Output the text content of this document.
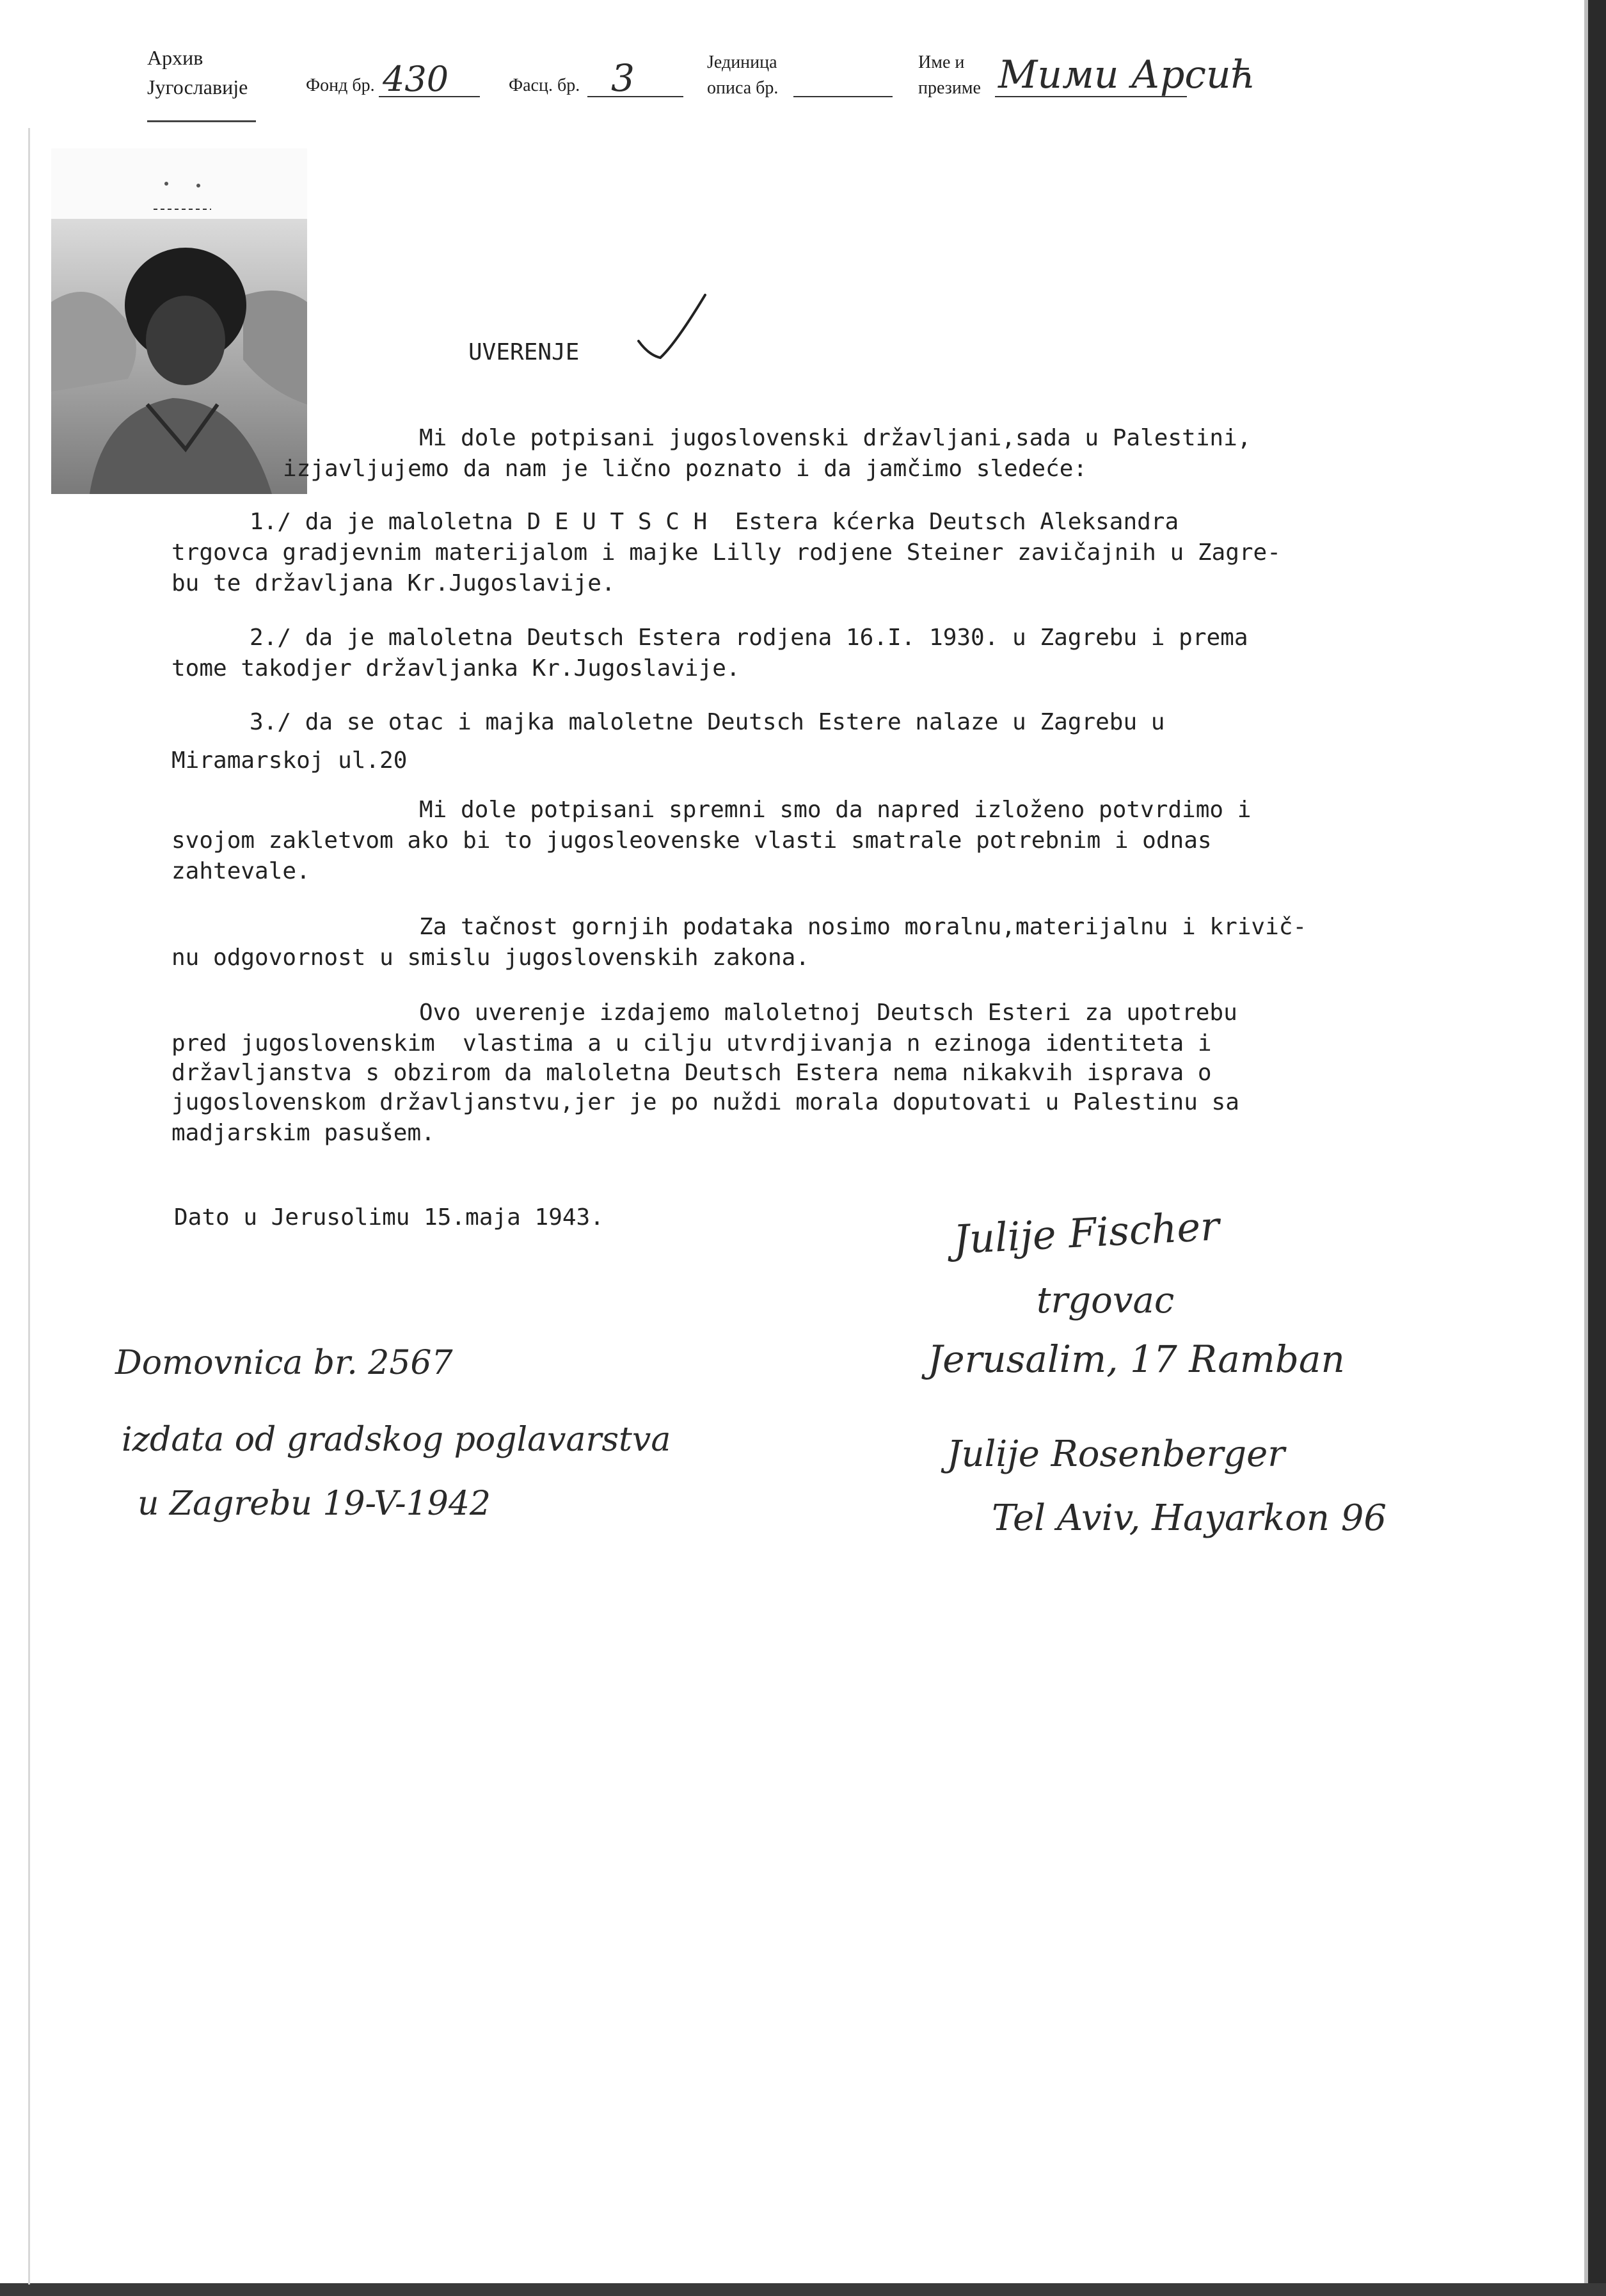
Архив
Југославије	Фонд бр. 430	Фасц. бр. 3	Јединица
описа бр.
Име и
презиме Мими Арсић
UVERENJE
Mi dole potpisani jugoslovenski državljani,sada u Palestini,
izjavljujemo da nam je lično poznato i da jamčimo sledeće:
1./ da je maloletna D E U T S C H  Estera kćerka Deutsch Aleksandra
trgovca gradjevnim materijalom i majke Lilly rodjene Steiner zavičajnih u Zagre-
bu te državljana Kr.Jugoslavije.
2./ da je maloletna Deutsch Estera rodjena 16.I. 1930. u Zagrebu i prema
tome takodjer državljanka Kr.Jugoslavije.
3./ da se otac i majka maloletne Deutsch Estere nalaze u Zagrebu u
Miramarskoj ul.20
Mi dole potpisani spremni smo da napred izloženo potvrdimo i
svojom zakletvom ako bi to jugosleovenske vlasti smatrale potrebnim i odnas
zahtevale.
Za tačnost gornjih podataka nosimo moralnu,materijalnu i krivič-
nu odgovornost u smislu jugoslovenskih zakona.
Ovo uverenje izdajemo maloletnoj Deutsch Esteri za upotrebu
pred jugoslovenskim  vlastima a u cilju utvrdjivanja n ezinoga identiteta i
državljanstva s obzirom da maloletna Deutsch Estera nema nikakvih isprava o
jugoslovenskom državljanstvu,jer je po nuždi morala doputovati u Palestinu sa
madjarskim pasušem.
Dato u Jerusolimu 15.maja 1943.
Domovnica br. 2567
izdata od gradskog poglavarstva
u Zagrebu 19-V-1942
Julije Fischer
trgovac
Jerusalim, 17 Ramban
Julije Rosenberger
Tel Aviv, Hayarkon 96
